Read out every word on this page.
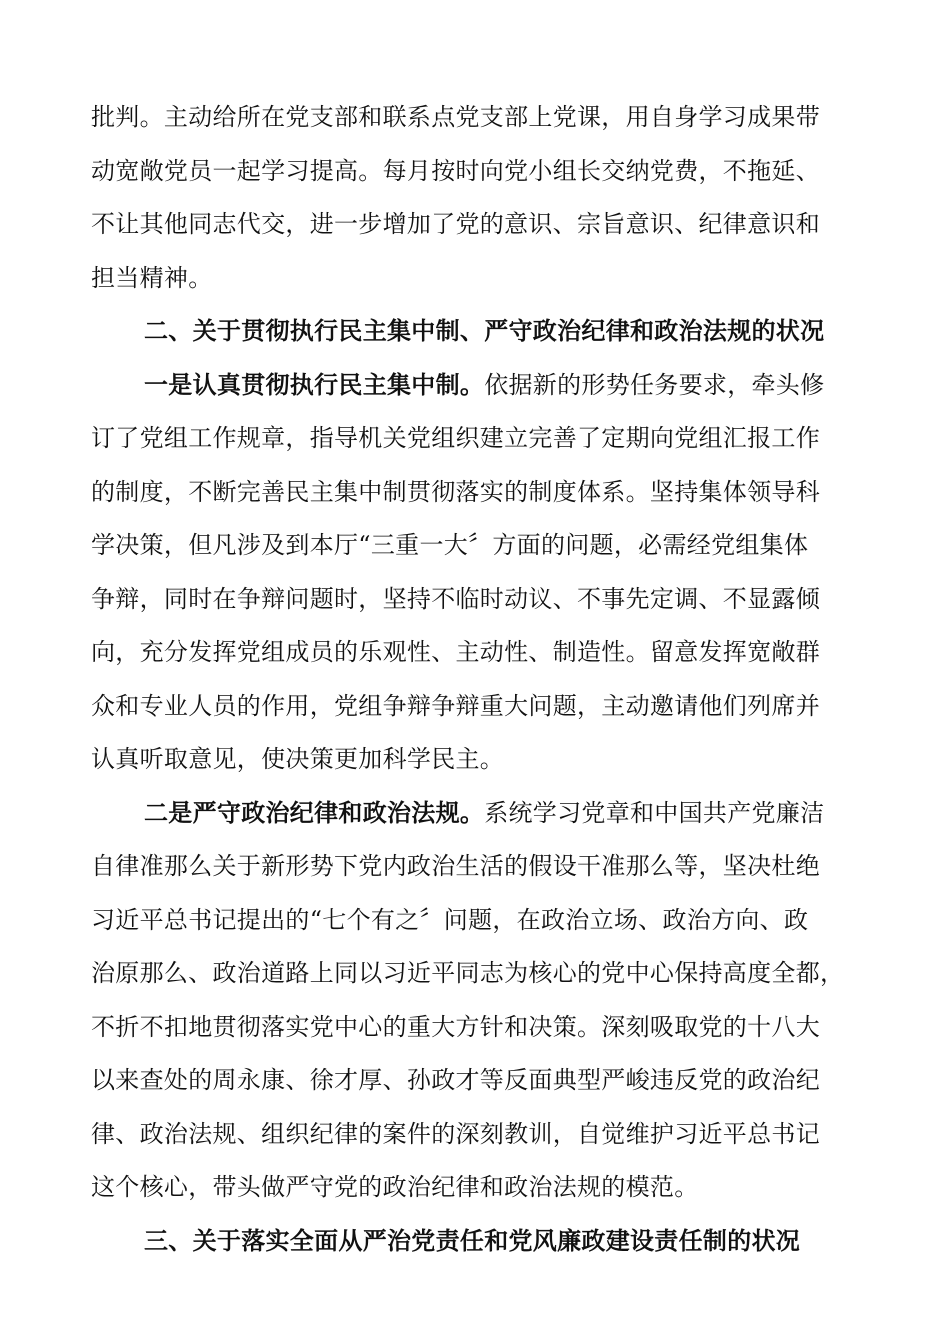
批判。主动给所在党支部和联系点党支部上党课，用自身学习成果带
动宽敞党员一起学习提高。每月按时向党小组长交纳党费，不拖延、
不让其他同志代交，进一步增加了党的意识、宗旨意识、纪律意识和
担当精神。
二、关于贯彻执行民主集中制、严守政治纪律和政治法规的状况
一是认真贯彻执行民主集中制。依据新的形势任务要求，牵头修
订了党组工作规章，指导机关党组织建立完善了定期向党组汇报工作
的制度，不断完善民主集中制贯彻落实的制度体系。坚持集体领导科
学决策，但凡涉及到本厅“三重一大〞方面的问题，必需经党组集体
争辩，同时在争辩问题时，坚持不临时动议、不事先定调、不显露倾
向，充分发挥党组成员的乐观性、主动性、制造性。留意发挥宽敞群
众和专业人员的作用，党组争辩争辩重大问题，主动邀请他们列席并
认真听取意见，使决策更加科学民主。
二是严守政治纪律和政治法规。系统学习党章和中国共产党廉洁
自律准那么关于新形势下党内政治生活的假设干准那么等，坚决杜绝
习近平总书记提出的“七个有之〞问题，在政治立场、政治方向、政
治原那么、政治道路上同以习近平同志为核心的党中心保持高度全都，
不折不扣地贯彻落实党中心的重大方针和决策。深刻吸取党的十八大
以来查处的周永康、徐才厚、孙政才等反面典型严峻违反党的政治纪
律、政治法规、组织纪律的案件的深刻教训，自觉维护习近平总书记
这个核心，带头做严守党的政治纪律和政治法规的模范。
三、关于落实全面从严治党责任和党风廉政建设责任制的状况
